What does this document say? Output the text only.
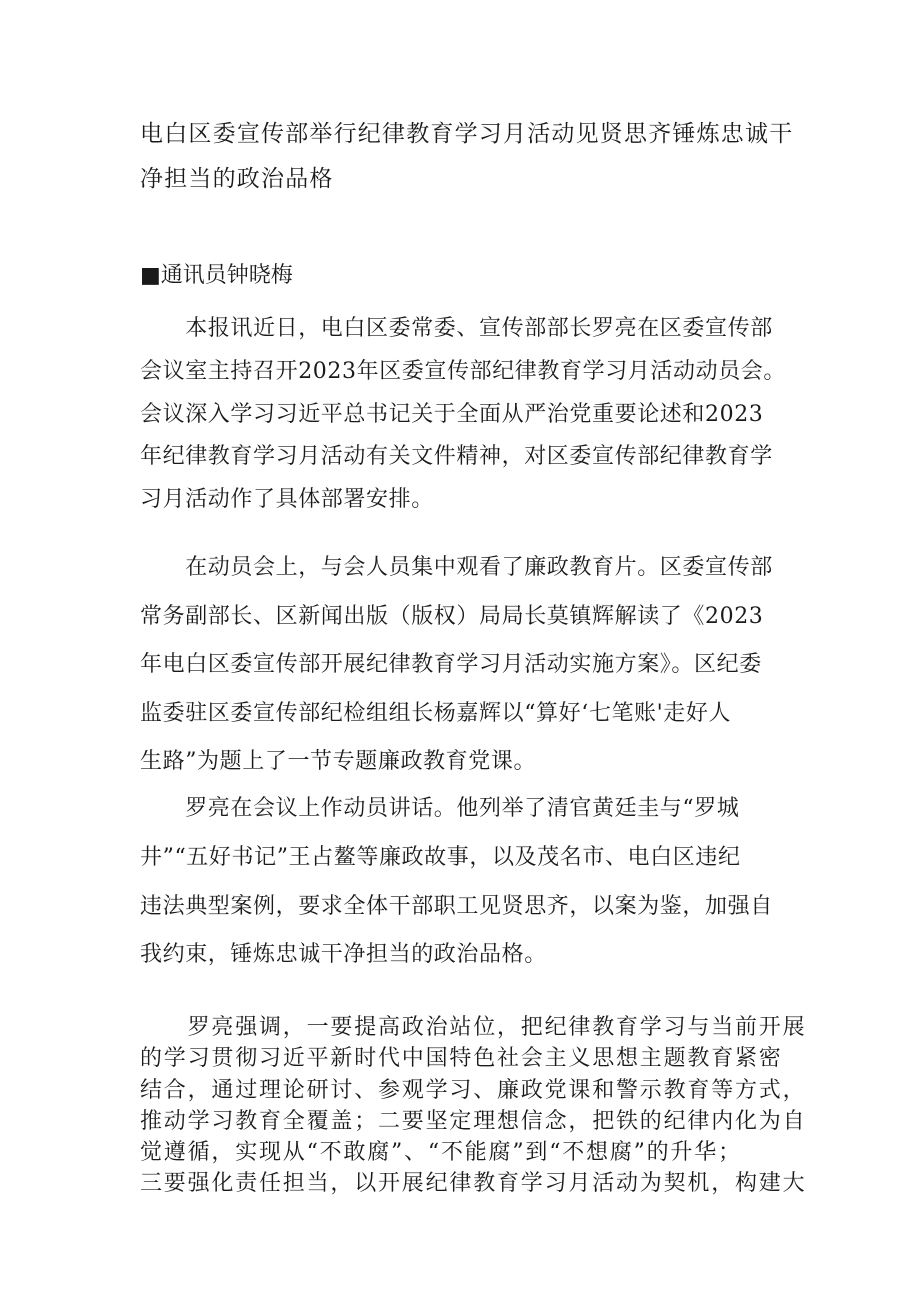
电白区委宣传部举行纪律教育学习月活动见贤思齐锤炼忠诚干
净担当的政治品格
■通讯员钟晓梅
　　本报讯近日，电白区委常委、宣传部部长罗亮在区委宣传部
会议室主持召开2023年区委宣传部纪律教育学习月活动动员会。
会议深入学习习近平总书记关于全面从严治党重要论述和2023
年纪律教育学习月活动有关文件精神，对区委宣传部纪律教育学
习月活动作了具体部署安排。
　　在动员会上，与会人员集中观看了廉政教育片。区委宣传部
常务副部长、区新闻出版（版权）局局长莫镇辉解读了《2023
年电白区委宣传部开展纪律教育学习月活动实施方案》。区纪委
监委驻区委宣传部纪检组组长杨嘉辉以“算好‘七笔账'走好人
生路”为题上了一节专题廉政教育党课。
　　罗亮在会议上作动员讲话。他列举了清官黄廷圭与“罗城
井”“五好书记”王占鳌等廉政故事，以及茂名市、电白区违纪
违法典型案例，要求全体干部职工见贤思齐，以案为鉴，加强自
我约束，锤炼忠诚干净担当的政治品格。
　　罗亮强调，一要提高政治站位，把纪律教育学习与当前开展
的学习贯彻习近平新时代中国特色社会主义思想主题教育紧密
结合，通过理论研讨、参观学习、廉政党课和警示教育等方式，
推动学习教育全覆盖；二要坚定理想信念，把铁的纪律内化为自
觉遵循，实现从“不敢腐”、“不能腐”到“不想腐”的升华；
三要强化责任担当，以开展纪律教育学习月活动为契机，构建大
